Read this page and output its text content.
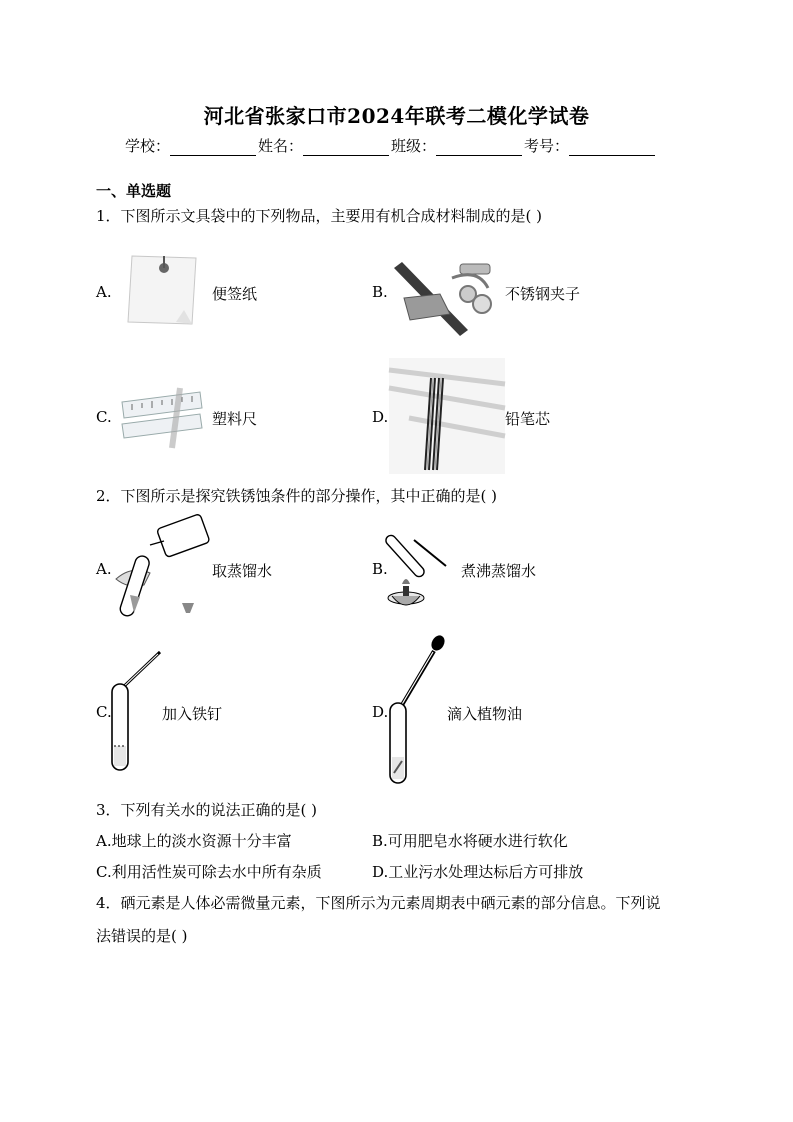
河北省张家口市2024年联考二模化学试卷
学校：	姓名：	班级：	考号：
一、单选题
1．下图所示文具袋中的下列物品，主要用有机合成材料制成的是( )
A.	便签纸	B.	不锈钢夹子
C.	塑料尺	D.	铅笔芯
2．下图所示是探究铁锈蚀条件的部分操作，其中正确的是( )
A.	取蒸馏水	B.	煮沸蒸馏水
C.	加入铁钉	D.	滴入植物油
3．下列有关水的说法正确的是( )
A.地球上的淡水资源十分丰富	B.可用肥皂水将硬水进行软化
C.利用活性炭可除去水中所有杂质	D.工业污水处理达标后方可排放
4．硒元素是人体必需微量元素，下图所示为元素周期表中硒元素的部分信息。下列说
法错误的是( )
